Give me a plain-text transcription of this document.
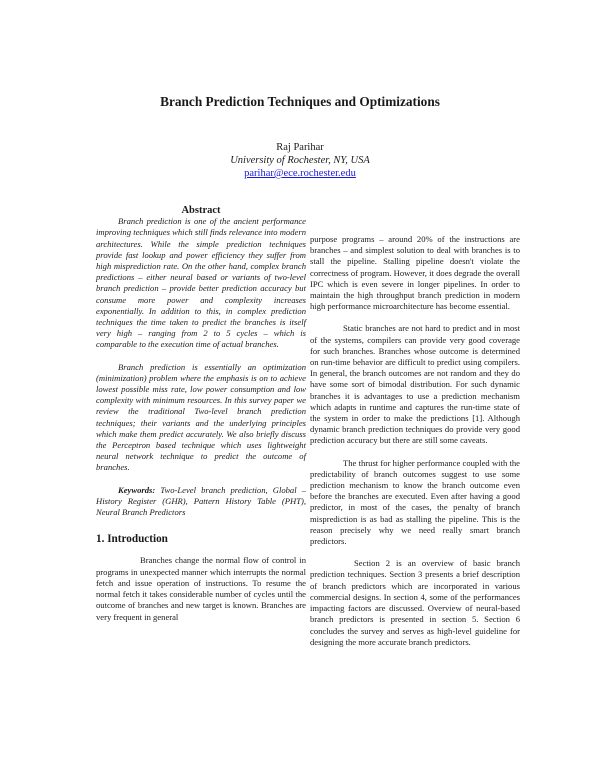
Branch Prediction Techniques and Optimizations
Raj Parihar
University of Rochester, NY, USA
parihar@ece.rochester.edu

Abstract

Branch prediction is one of the ancient performance improving techniques which still finds relevance into modern architectures. While the simple prediction techniques provide fast lookup and power efficiency they suffer from high misprediction rate. On the other hand, complex branch predictions – either neural based or variants of two-level branch prediction – provide better prediction accuracy but consume more power and complexity increases exponentially. In addition to this, in complex prediction techniques the time taken to predict the branches is itself very high – ranging from 2 to 5 cycles – which is comparable to the execution time of actual branches.

Branch prediction is essentially an optimization (minimization) problem where the emphasis is on to achieve lowest possible miss rate, low power consumption and low complexity with minimum resources. In this survey paper we review the traditional Two-level branch prediction techniques; their variants and the underlying principles which make them predict accurately. We also briefly discuss the Perceptron based technique which uses lightweight neural network technique to predict the outcome of branches.

Keywords: Two-Level branch prediction, Global – History Register (GHR), Pattern History Table (PHT), Neural Branch Predictors

1. Introduction

Branches change the normal flow of control in programs in unexpected manner which interrupts the normal fetch and issue operation of instructions. To resume the normal fetch it takes considerable number of cycles until the outcome of branches and new target is known. Branches are very frequent in general

purpose programs – around 20% of the instructions are branches – and simplest solution to deal with branches is to stall the pipeline. Stalling pipeline doesn't violate the correctness of program. However, it does degrade the overall IPC which is even severe in longer pipelines. In order to maintain the high throughput branch prediction in modern high performance microarchitecture has become essential.

Static branches are not hard to predict and in most of the systems, compilers can provide very good coverage for such branches. Branches whose outcome is determined on run-time behavior are difficult to predict using compilers. In general, the branch outcomes are not random and they do have some sort of bimodal distribution. For such dynamic branches it is advantages to use a prediction mechanism which adapts in runtime and captures the run-time state of the system in order to make the predictions [1]. Although dynamic branch prediction techniques do provide very good prediction accuracy but there are still some caveats.

The thrust for higher performance coupled with the predictability of branch outcomes suggest to use some prediction mechanism to know the branch outcome even before the branches are executed. Even after having a good predictor, in most of the cases, the penalty of branch misprediction is as bad as stalling the pipeline. This is the reason precisely why we need really smart branch predictors.

Section 2 is an overview of basic branch prediction techniques. Section 3 presents a brief description of branch predictors which are incorporated in various commercial designs. In section 4, some of the performances impacting factors are discussed. Overview of neural-based branch predictors is presented in section 5. Section 6 concludes the survey and serves as high-level guideline for designing the more accurate branch predictors.
